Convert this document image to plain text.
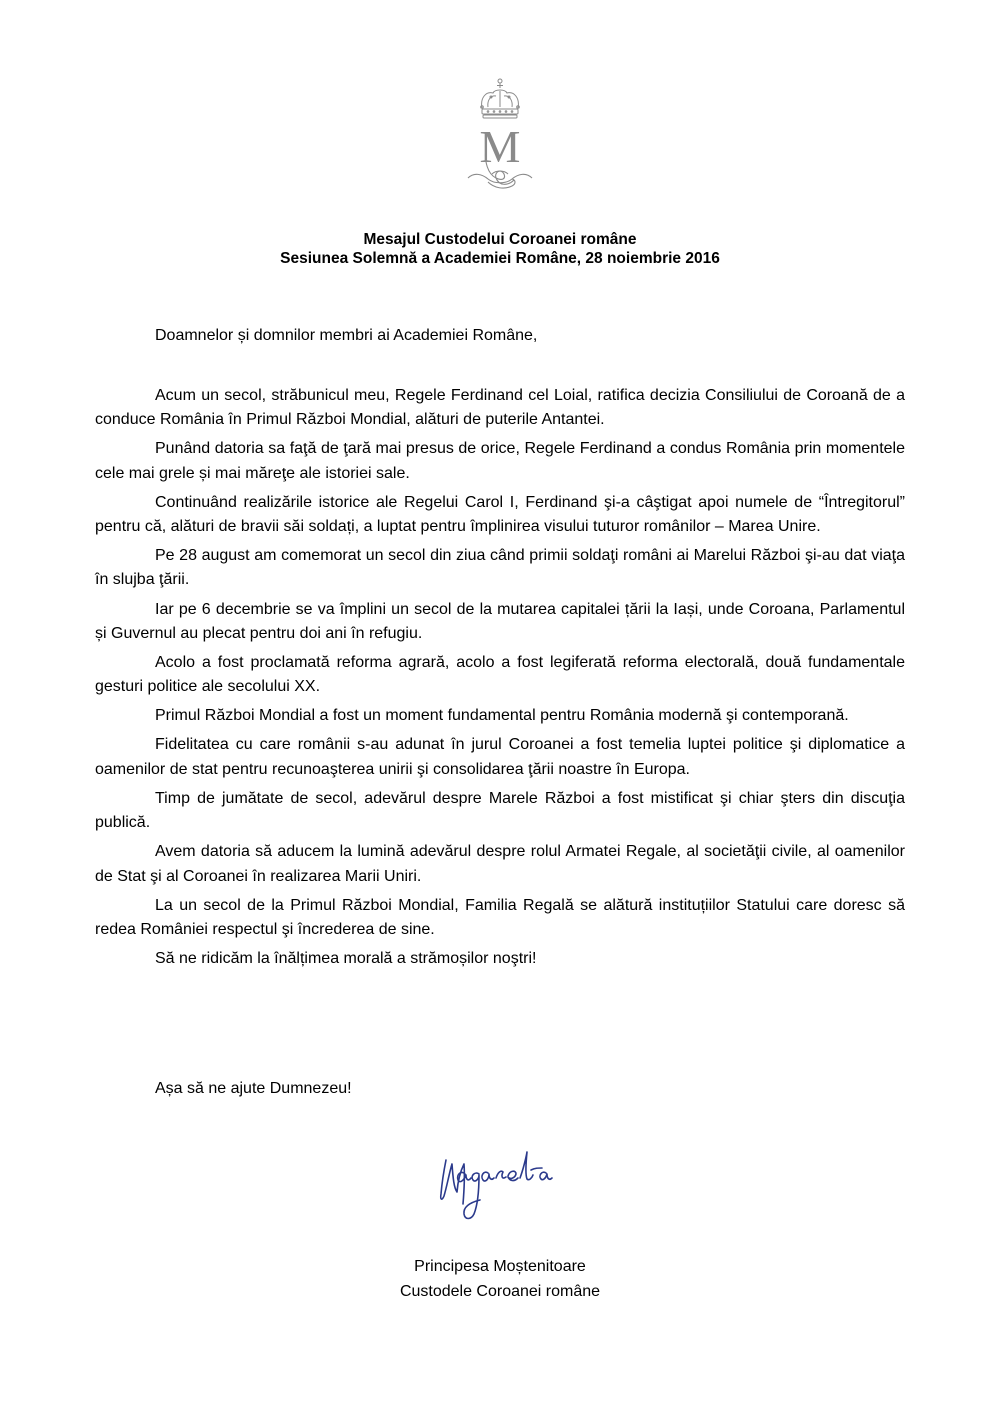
M
Mesajul Custodelui Coroanei române
Sesiunea Solemnă a Academiei Române, 28 noiembrie 2016
Doamnelor și domnilor membri ai Academiei Române,

Acum un secol, străbunicul meu, Regele Ferdinand cel Loial, ratifica decizia Consiliului de Coroană de a conduce România în Primul Război Mondial, alături de puterile Antantei.

Punând datoria sa faţă de ţară mai presus de orice, Regele Ferdinand a condus România prin momentele cele mai grele și mai măreţe ale istoriei sale.

Continuând realizările istorice ale Regelui Carol I, Ferdinand şi-a câştigat apoi numele de “Întregitorul” pentru că, alături de bravii săi soldați, a luptat pentru împlinirea visului tuturor românilor – Marea Unire.

Pe 28 august am comemorat un secol din ziua când primii soldaţi români ai Marelui Război şi-au dat viaţa în slujba ţării.

Iar pe 6 decembrie se va împlini un secol de la mutarea capitalei țării la Iași, unde Coroana, Parlamentul și Guvernul au plecat pentru doi ani în refugiu.

Acolo a fost proclamată reforma agrară, acolo a fost legiferată reforma electorală, două fundamentale gesturi politice ale secolului XX.

Primul Război Mondial a fost un moment fundamental pentru România modernă şi contemporană.

Fidelitatea cu care românii s-au adunat în jurul Coroanei a fost temelia luptei politice şi diplomatice a oamenilor de stat pentru recunoaşterea unirii şi consolidarea ţării noastre în Europa.

Timp de jumătate de secol, adevărul despre Marele Război a fost mistificat şi chiar şters din discuţia publică.

Avem datoria să aducem la lumină adevărul despre rolul Armatei Regale, al societăţii civile, al oamenilor de Stat şi al Coroanei în realizarea Marii Uniri.

La un secol de la Primul Război Mondial, Familia Regală se alătură instituțiilor Statului care doresc să redea României respectul şi încrederea de sine.

Să ne ridicăm la înălțimea morală a strămoșilor noştri!

Așa să ne ajute Dumnezeu!
Principesa Moștenitoare
Custodele Coroanei române
